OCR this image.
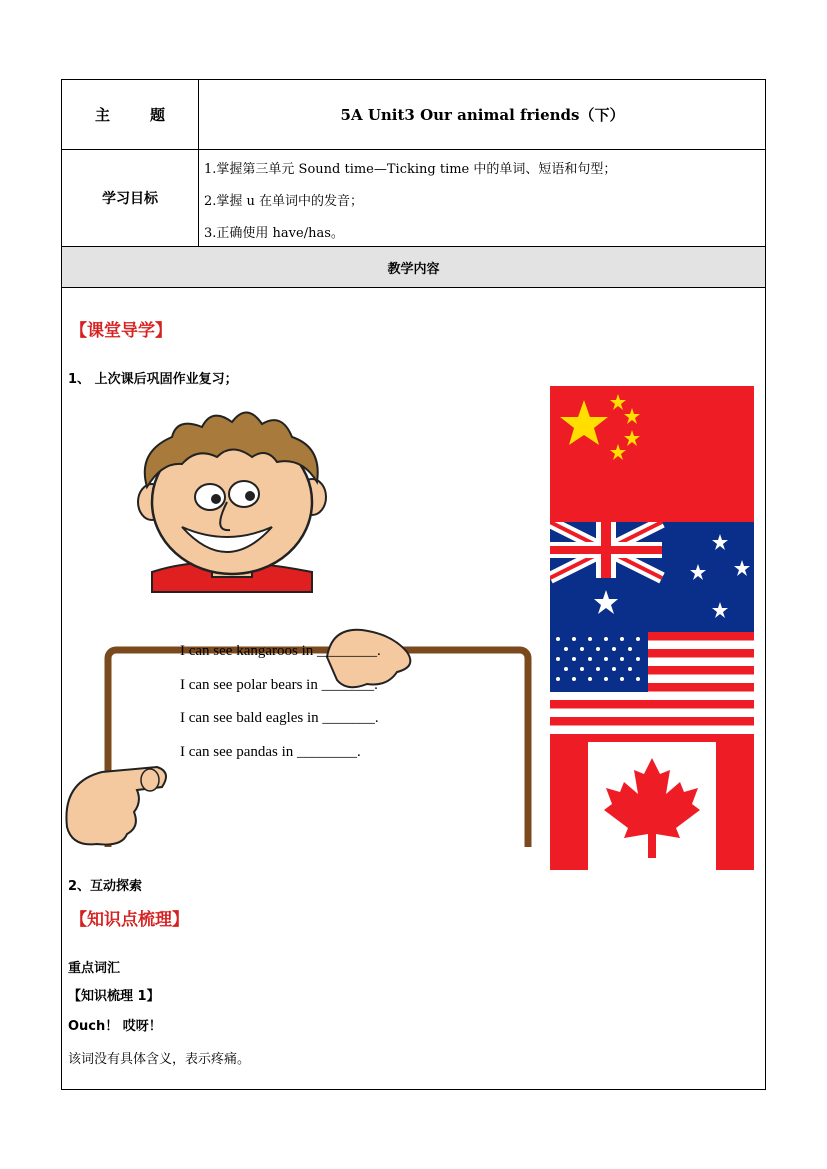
主	题	5A Unit3 Our animal friends（下）
学习目标
1.掌握第三单元 Sound time—Ticking time 中的单词、短语和句型；
2.掌握 u 在单词中的发音；
3.正确使用 have/has。
教学内容
【课堂导学】
1、 上次课后巩固作业复习；
I can see kangaroos in ________.
I can see polar bears in _______.
I can see bald eagles in _______.
I can see pandas in ________.
2、互动探索
【知识点梳理】
重点词汇
【知识梳理 1】
Ouch！ 哎呀！
该词没有具体含义，表示疼痛。
